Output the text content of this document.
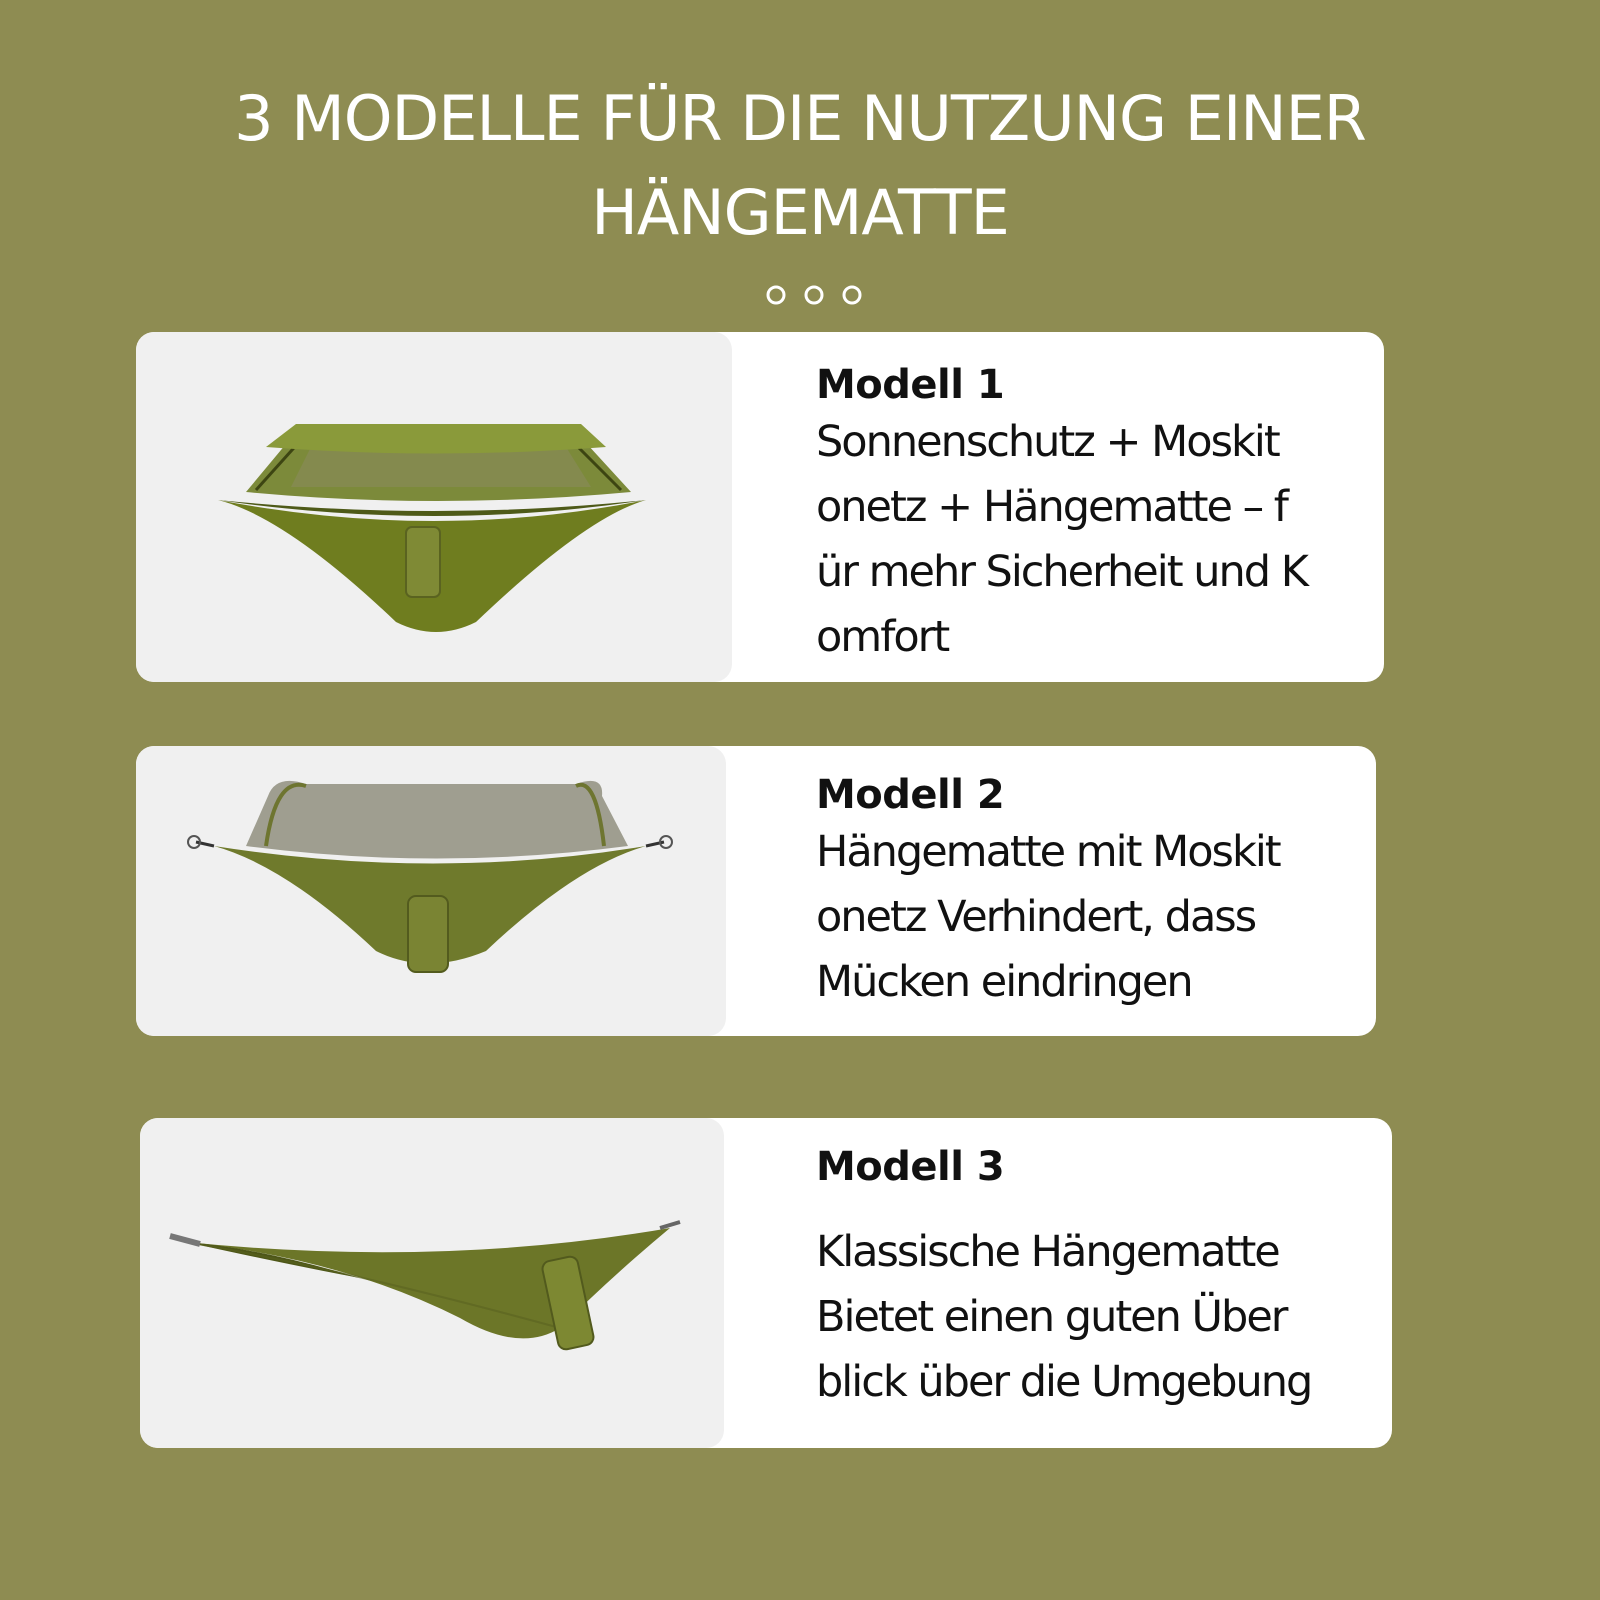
3 MODELLE FÜR DIE NUTZUNG EINER
HÄNGEMATTE
Modell 1
Sonnenschutz + Moskit
onetz + Hängematte – f
ür mehr Sicherheit und K
omfort
Modell 2
Hängematte mit Moskit
onetz Verhindert, dass
Mücken eindringen
Modell 3
Klassische Hängematte
Bietet einen guten Über
blick über die Umgebung
